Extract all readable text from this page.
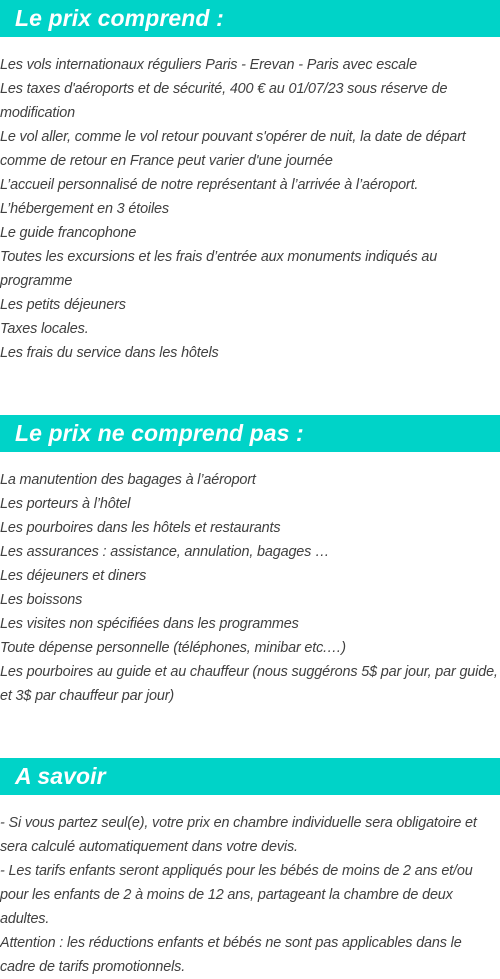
Le prix comprend :
Les vols internationaux réguliers Paris - Erevan - Paris avec escale
Les taxes d'aéroports et de sécurité, 400 € au 01/07/23 sous réserve de modification
Le vol aller, comme le vol retour pouvant s'opérer de nuit, la date de départ comme de retour en France peut varier d'une journée
L’accueil personnalisé de notre représentant à l’arrivée à l’aéroport.
L’hébergement en 3 étoiles
Le guide francophone
Toutes les excursions et les frais d’entrée aux monuments indiqués au programme
Les petits déjeuners
Taxes locales.
Les frais du service dans les hôtels
Le prix ne comprend pas :
La manutention des bagages à l’aéroport
Les porteurs à l’hôtel
Les pourboires dans les hôtels et restaurants
Les assurances : assistance, annulation, bagages …
Les déjeuners et diners
Les boissons
Les visites non spécifiées dans les programmes
Toute dépense personnelle (téléphones, minibar etc.…)
Les pourboires au guide et au chauffeur (nous suggérons 5$ par jour, par guide, et 3$ par chauffeur par jour)
A savoir
- Si vous partez seul(e), votre prix en chambre individuelle sera obligatoire et sera calculé automatiquement dans votre devis.
- Les tarifs enfants seront appliqués pour les bébés de moins de 2 ans et/ou pour les enfants de 2 à moins de 12 ans, partageant la chambre de deux adultes.
Attention : les réductions enfants et bébés ne sont pas applicables dans le cadre de tarifs promotionnels.
